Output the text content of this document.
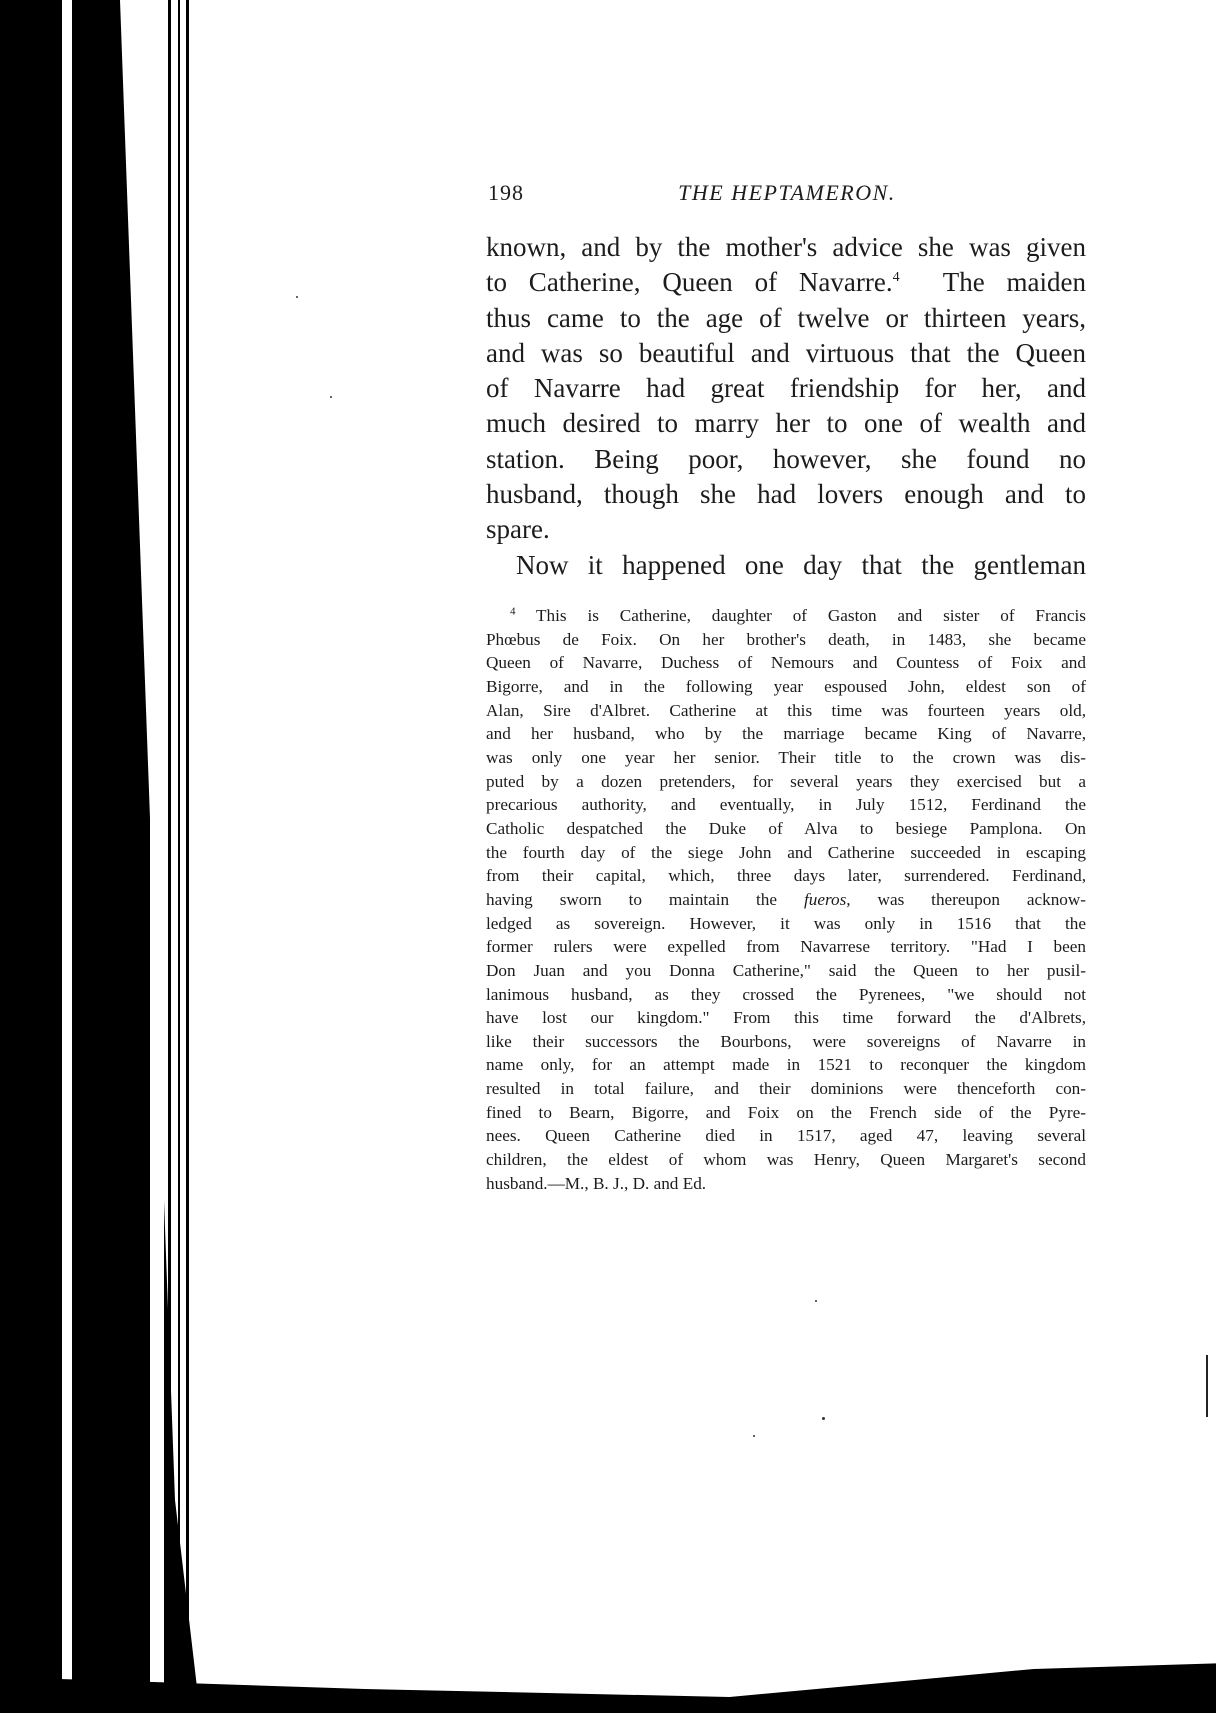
198	THE HEPTAMERON.
known, and by the mother's advice she was given
to Catherine, Queen of Navarre.$^4$ The maiden
thus came to the age of twelve or thirteen years,
and was so beautiful and virtuous that the Queen
of Navarre had great friendship for her, and
much desired to marry her to one of wealth and
station. Being poor, however, she found no
husband, though she had lovers enough and to
spare.
Now it happened one day that the gentleman
$^4$ This is Catherine, daughter of Gaston and sister of Francis
Phœbus de Foix. On her brother's death, in 1483, she became
Queen of Navarre, Duchess of Nemours and Countess of Foix and
Bigorre, and in the following year espoused John, eldest son of
Alan, Sire d'Albret. Catherine at this time was fourteen years old,
and her husband, who by the marriage became King of Navarre,
was only one year her senior. Their title to the crown was dis-
puted by a dozen pretenders, for several years they exercised but a
precarious authority, and eventually, in July 1512, Ferdinand the
Catholic despatched the Duke of Alva to besiege Pamplona. On
the fourth day of the siege John and Catherine succeeded in escaping
from their capital, which, three days later, surrendered. Ferdinand,
having sworn to maintain the fueros, was thereupon acknow-
ledged as sovereign. However, it was only in 1516 that the
former rulers were expelled from Navarrese territory. "Had I been
Don Juan and you Donna Catherine," said the Queen to her pusil-
lanimous husband, as they crossed the Pyrenees, "we should not
have lost our kingdom." From this time forward the d'Albrets,
like their successors the Bourbons, were sovereigns of Navarre in
name only, for an attempt made in 1521 to reconquer the kingdom
resulted in total failure, and their dominions were thenceforth con-
fined to Bearn, Bigorre, and Foix on the French side of the Pyre-
nees. Queen Catherine died in 1517, aged 47, leaving several
children, the eldest of whom was Henry, Queen Margaret's second
husband.—M., B. J., D. and Ed.
